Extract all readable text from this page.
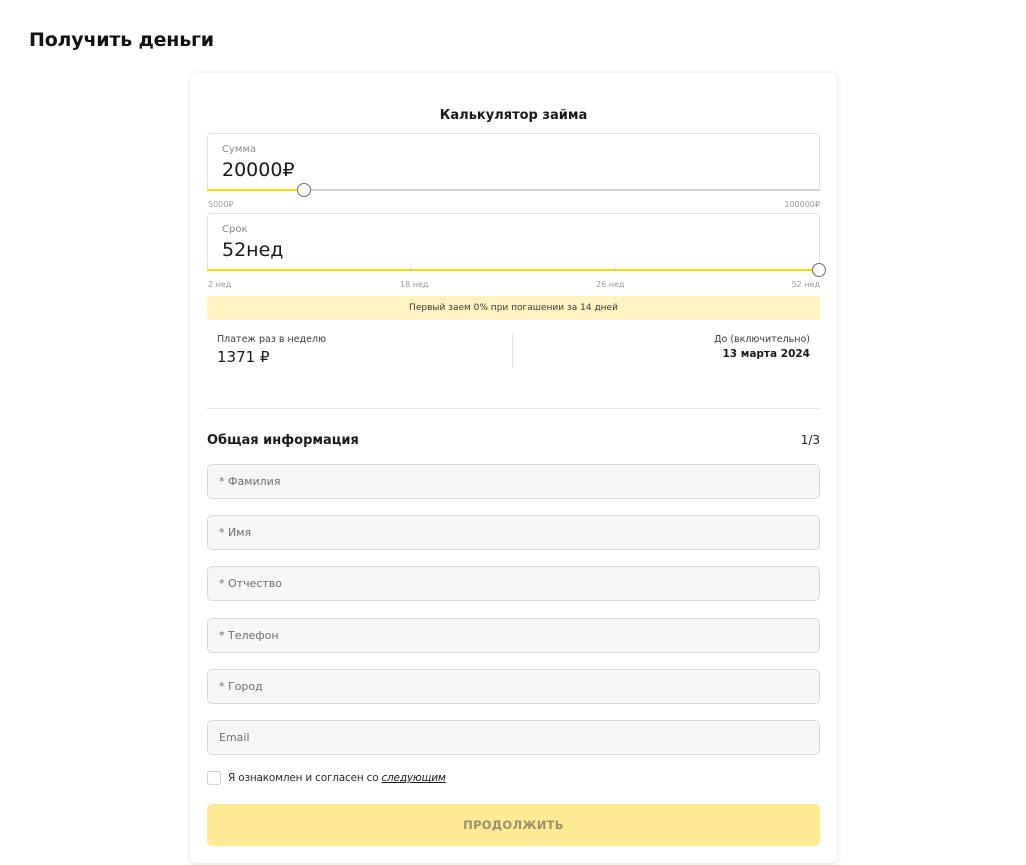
Получить деньги
Калькулятор займа
Сумма
20000₽
5000₽	100000₽
Срок
52нед
2 нед	18 нед	26 нед	52 нед
Первый заем 0% при погашении за 14 дней
Платеж раз в неделю
1371 ₽
До (включительно)
13 марта 2024
Общая информация	1/3
* Фамилия
* Имя
* Отчество
* Телефон
* Город
Email
Я ознакомлен и согласен со следующим
ПРОДОЛЖИТЬ
